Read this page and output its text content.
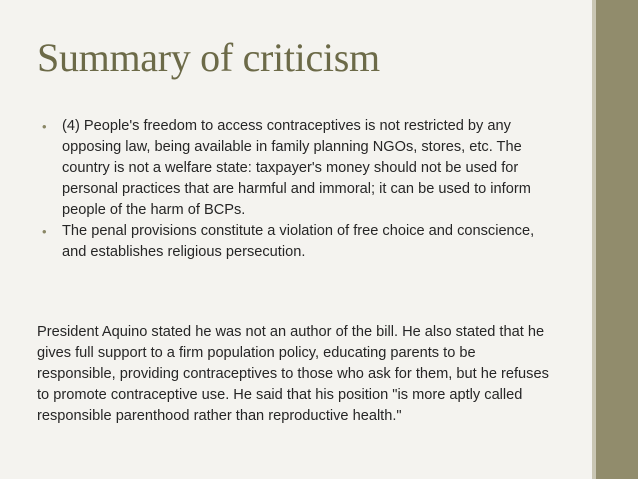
Summary of criticism
•	(4) People's freedom to access contraceptives is not restricted by any opposing law, being available in family planning NGOs, stores, etc. The country is not a welfare state: taxpayer's money should not be used for personal practices that are harmful and immoral; it can be used to inform people of the harm of BCPs.
•	The penal provisions constitute a violation of free choice and conscience, and establishes religious persecution.

President Aquino stated he was not an author of the bill. He also stated that he gives full support to a firm population policy, educating parents to be responsible, providing contraceptives to those who ask for them, but he refuses to promote contraceptive use. He said that his position "is more aptly called responsible parenthood rather than reproductive health."
